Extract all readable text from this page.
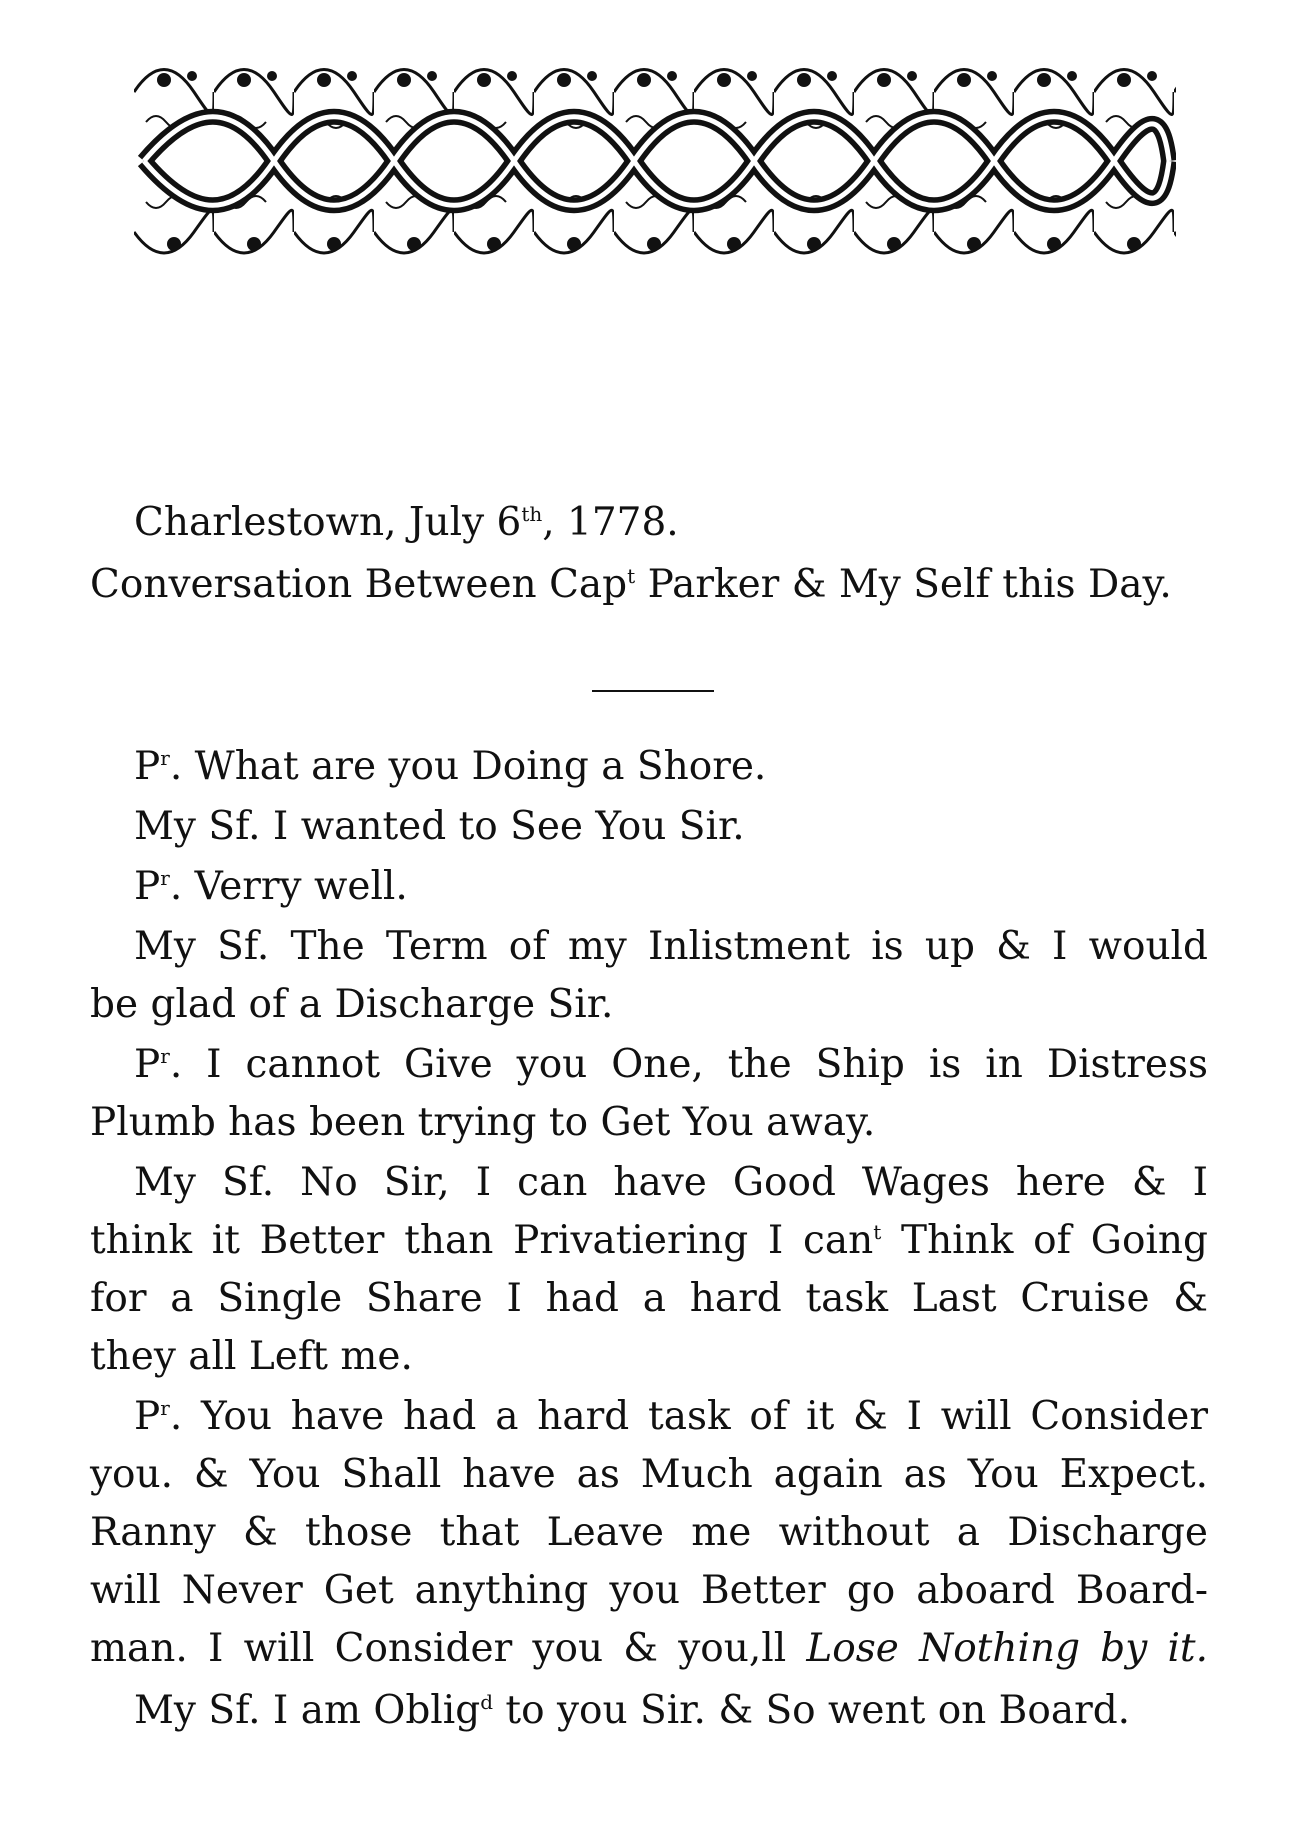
Charlestown, July 6th, 1778.
Conversation Between Cap$^t$ Parker & My Self this Day.
$P^r$. What are you Doing a Shore.
My Sf. I wanted to See You Sir.
$P^r$. Verry well.
My Sf. The Term of my Inlistment is up & I would
be glad of a Discharge Sir.
$P^r$. I cannot Give you One, the Ship is in Distress
Plumb has been trying to Get You away.
My Sf. No Sir, I can have Good Wages here & I
think it Better than Privatiering I can$^t$ Think of Going
for a Single Share I had a hard task Last Cruise &
they all Left me.
$P^r$. You have had a hard task of it & I will Consider
you. & You Shall have as Much again as You Expect.
Ranny & those that Leave me without a Discharge
will Never Get anything you Better go aboard Board-
man. I will Consider you & you,ll Lose Nothing by it.
My Sf. I am Oblig$^d$ to you Sir. & So went on Board.
